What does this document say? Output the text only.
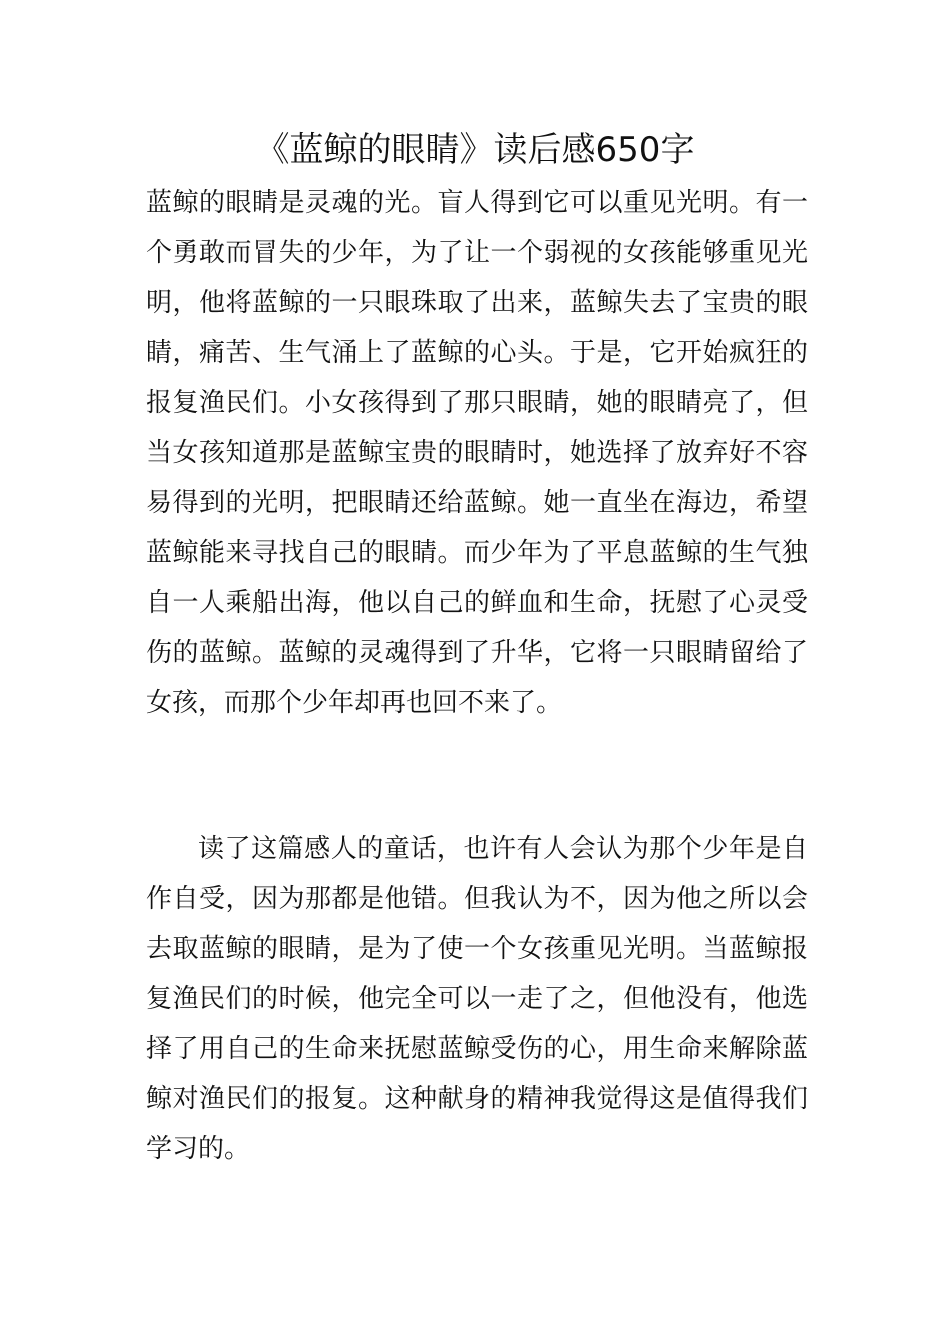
《蓝鲸的眼睛》读后感650字

蓝鲸的眼睛是灵魂的光。盲人得到它可以重见光明。有一个勇敢而冒失的少年，为了让一个弱视的女孩能够重见光明，他将蓝鲸的一只眼珠取了出来，蓝鲸失去了宝贵的眼睛，痛苦、生气涌上了蓝鲸的心头。于是，它开始疯狂的报复渔民们。小女孩得到了那只眼睛，她的眼睛亮了，但当女孩知道那是蓝鲸宝贵的眼睛时，她选择了放弃好不容易得到的光明，把眼睛还给蓝鲸。她一直坐在海边，希望蓝鲸能来寻找自己的眼睛。而少年为了平息蓝鲸的生气独自一人乘船出海，他以自己的鲜血和生命，抚慰了心灵受伤的蓝鲸。蓝鲸的灵魂得到了升华，它将一只眼睛留给了女孩，而那个少年却再也回不来了。

读了这篇感人的童话，也许有人会认为那个少年是自作自受，因为那都是他错。但我认为不，因为他之所以会去取蓝鲸的眼睛，是为了使一个女孩重见光明。当蓝鲸报复渔民们的时候，他完全可以一走了之，但他没有，他选择了用自己的生命来抚慰蓝鲸受伤的心，用生命来解除蓝鲸对渔民们的报复。这种献身的精神我觉得这是值得我们学习的。
